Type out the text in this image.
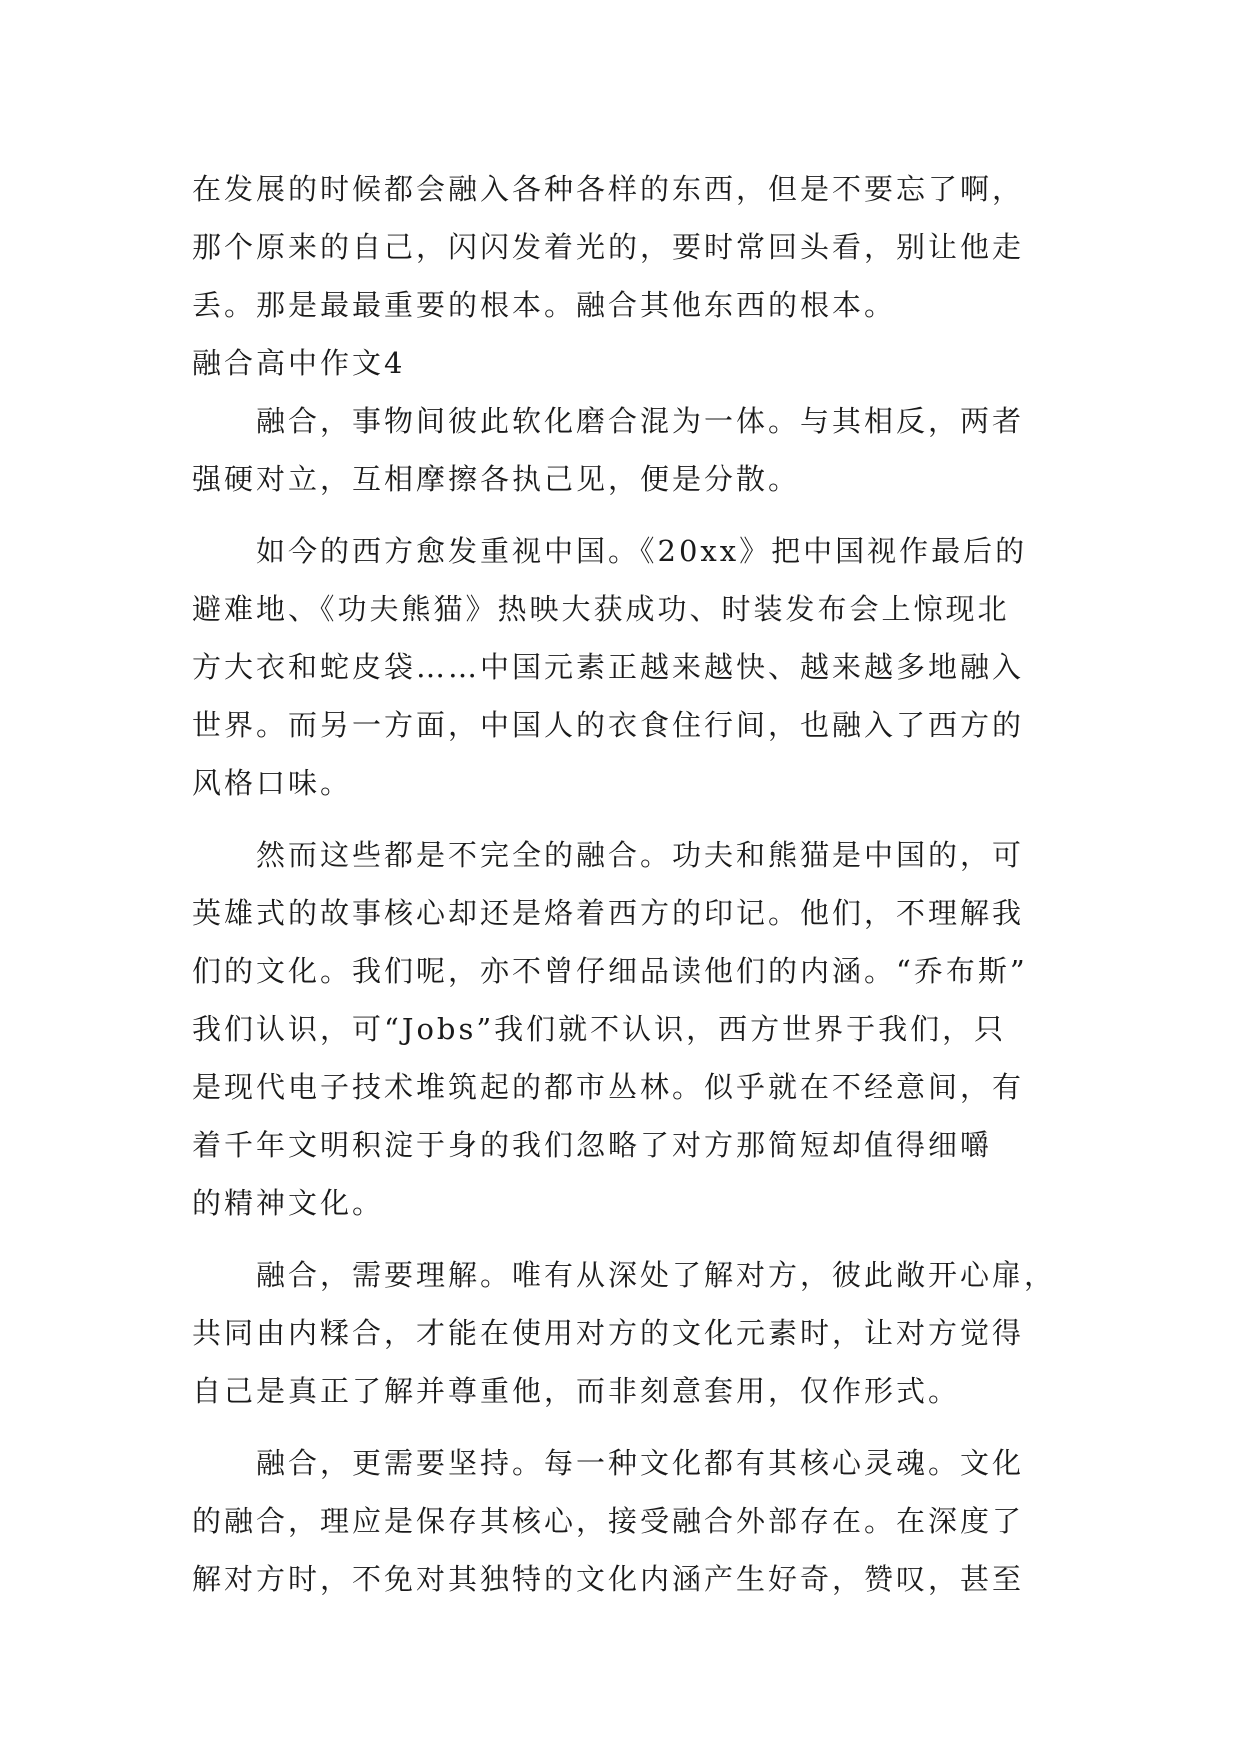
在发展的时候都会融入各种各样的东西，但是不要忘了啊，
那个原来的自己，闪闪发着光的，要时常回头看，别让他走
丢。那是最最重要的根本。融合其他东西的根本。
融合高中作文4
融合，事物间彼此软化磨合混为一体。与其相反，两者
强硬对立，互相摩擦各执己见，便是分散。
如今的西方愈发重视中国。《20xx》把中国视作最后的
避难地、《功夫熊猫》热映大获成功、时装发布会上惊现北
方大衣和蛇皮袋……中国元素正越来越快、越来越多地融入
世界。而另一方面，中国人的衣食住行间，也融入了西方的
风格口味。
然而这些都是不完全的融合。功夫和熊猫是中国的，可
英雄式的故事核心却还是烙着西方的印记。他们，不理解我
们的文化。我们呢，亦不曾仔细品读他们的内涵。“乔布斯”
我们认识，可“Jobs”我们就不认识，西方世界于我们，只
是现代电子技术堆筑起的都市丛林。似乎就在不经意间，有
着千年文明积淀于身的我们忽略了对方那简短却值得细嚼
的精神文化。
融合，需要理解。唯有从深处了解对方，彼此敞开心扉，
共同由内糅合，才能在使用对方的文化元素时，让对方觉得
自己是真正了解并尊重他，而非刻意套用，仅作形式。
融合，更需要坚持。每一种文化都有其核心灵魂。文化
的融合，理应是保存其核心，接受融合外部存在。在深度了
解对方时，不免对其独特的文化内涵产生好奇，赞叹，甚至
